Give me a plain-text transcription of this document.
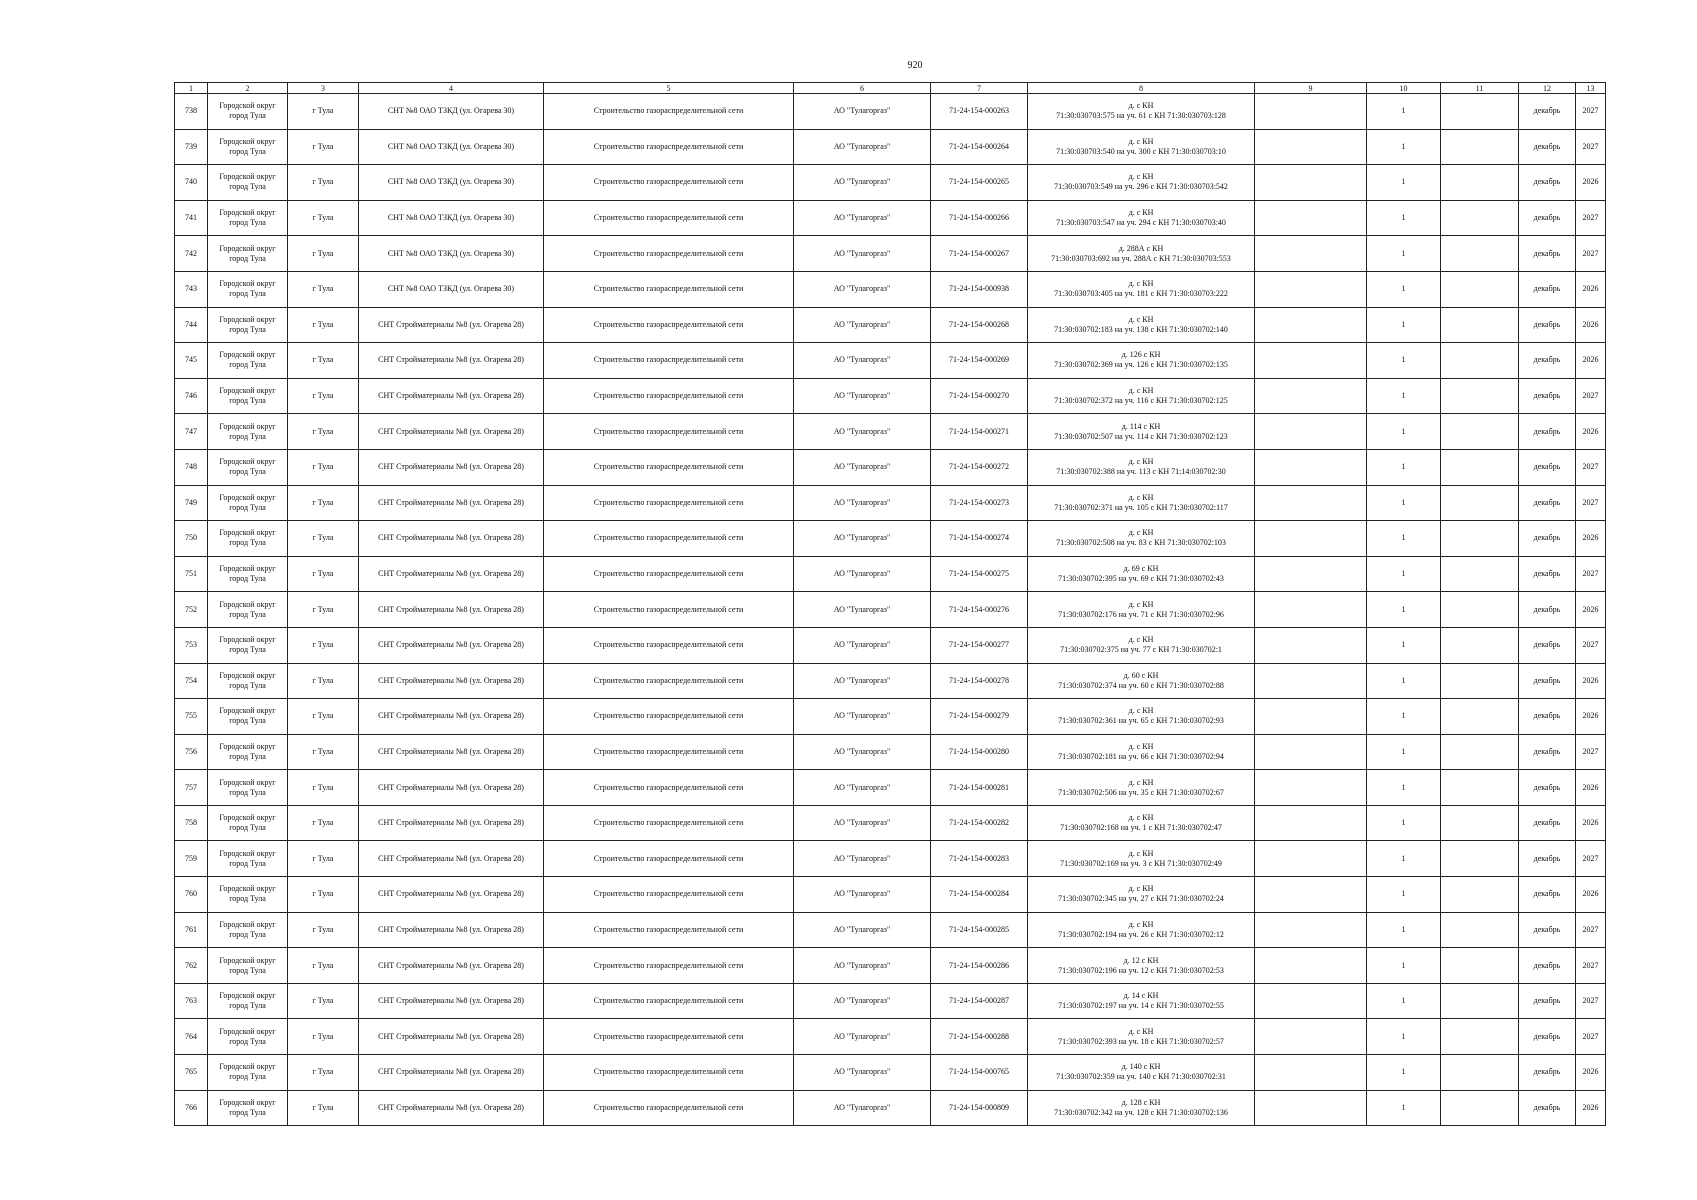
920
1	2	3	4	5	6	7	8	9	10	11	12	13
738	Городской округ город Тула	г Тула	СНТ №8 ОАО ТЗКД (ул. Огарева 30)	Строительство газораспределительной сети	АО "Тулагоргаз"	71-24-154-000263	д. с КН
71:30:030703:575 на уч. 61 с КН 71:30:030703:128		1		декабрь	2027
739	Городской округ город Тула	г Тула	СНТ №8 ОАО ТЗКД (ул. Огарева 30)	Строительство газораспределительной сети	АО "Тулагоргаз"	71-24-154-000264	д. с КН
71:30:030703:540 на уч. 300 с КН 71:30:030703:10		1		декабрь	2027
740	Городской округ город Тула	г Тула	СНТ №8 ОАО ТЗКД (ул. Огарева 30)	Строительство газораспределительной сети	АО "Тулагоргаз"	71-24-154-000265	д. с КН
71:30:030703:549 на уч. 296 с КН 71:30:030703:542		1		декабрь	2026
741	Городской округ город Тула	г Тула	СНТ №8 ОАО ТЗКД (ул. Огарева 30)	Строительство газораспределительной сети	АО "Тулагоргаз"	71-24-154-000266	д. с КН
71:30:030703:547 на уч. 294 с КН 71:30:030703:40		1		декабрь	2027
742	Городской округ город Тула	г Тула	СНТ №8 ОАО ТЗКД (ул. Огарева 30)	Строительство газораспределительной сети	АО "Тулагоргаз"	71-24-154-000267	д. 288А с КН
71:30:030703:692 на уч. 288А с КН 71:30:030703:553		1		декабрь	2027
743	Городской округ город Тула	г Тула	СНТ №8 ОАО ТЗКД (ул. Огарева 30)	Строительство газораспределительной сети	АО "Тулагоргаз"	71-24-154-000938	д. с КН
71:30:030703:405 на уч. 181 с КН 71:30:030703:222		1		декабрь	2026
744	Городской округ город Тула	г Тула	СНТ Стройматериалы №8 (ул. Огарева 28)	Строительство газораспределительной сети	АО "Тулагоргаз"	71-24-154-000268	д. с КН
71:30:030702:183 на уч. 138 с КН 71:30:030702:140		1		декабрь	2026
745	Городской округ город Тула	г Тула	СНТ Стройматериалы №8 (ул. Огарева 28)	Строительство газораспределительной сети	АО "Тулагоргаз"	71-24-154-000269	д. 126 с КН
71:30:030702:369 на уч. 126 с КН 71:30:030702:135		1		декабрь	2026
746	Городской округ город Тула	г Тула	СНТ Стройматериалы №8 (ул. Огарева 28)	Строительство газораспределительной сети	АО "Тулагоргаз"	71-24-154-000270	д. с КН
71:30:030702:372 на уч. 116 с КН 71:30:030702:125		1		декабрь	2027
747	Городской округ город Тула	г Тула	СНТ Стройматериалы №8 (ул. Огарева 28)	Строительство газораспределительной сети	АО "Тулагоргаз"	71-24-154-000271	д. 114 с КН
71:30:030702:507 на уч. 114 с КН 71:30:030702:123		1		декабрь	2026
748	Городской округ город Тула	г Тула	СНТ Стройматериалы №8 (ул. Огарева 28)	Строительство газораспределительной сети	АО "Тулагоргаз"	71-24-154-000272	д. с КН
71:30:030702:388 на уч. 113 с КН 71:14:030702:30		1		декабрь	2027
749	Городской округ город Тула	г Тула	СНТ Стройматериалы №8 (ул. Огарева 28)	Строительство газораспределительной сети	АО "Тулагоргаз"	71-24-154-000273	д. с КН
71:30:030702:371 на уч. 105 с КН 71:30:030702:117		1		декабрь	2027
750	Городской округ город Тула	г Тула	СНТ Стройматериалы №8 (ул. Огарева 28)	Строительство газораспределительной сети	АО "Тулагоргаз"	71-24-154-000274	д. с КН
71:30:030702:508 на уч. 83 с КН 71:30:030702:103		1		декабрь	2026
751	Городской округ город Тула	г Тула	СНТ Стройматериалы №8 (ул. Огарева 28)	Строительство газораспределительной сети	АО "Тулагоргаз"	71-24-154-000275	д. 69 с КН
71:30:030702:395 на уч. 69 с КН 71:30:030702:43		1		декабрь	2027
752	Городской округ город Тула	г Тула	СНТ Стройматериалы №8 (ул. Огарева 28)	Строительство газораспределительной сети	АО "Тулагоргаз"	71-24-154-000276	д. с КН
71:30:030702:176 на уч. 71 с КН 71:30:030702:96		1		декабрь	2026
753	Городской округ город Тула	г Тула	СНТ Стройматериалы №8 (ул. Огарева 28)	Строительство газораспределительной сети	АО "Тулагоргаз"	71-24-154-000277	д. с КН
71:30:030702:375 на уч. 77 с КН 71:30:030702:1		1		декабрь	2027
754	Городской округ город Тула	г Тула	СНТ Стройматериалы №8 (ул. Огарева 28)	Строительство газораспределительной сети	АО "Тулагоргаз"	71-24-154-000278	д. 60 с КН
71:30:030702:374 на уч. 60 с КН 71:30:030702:88		1		декабрь	2026
755	Городской округ город Тула	г Тула	СНТ Стройматериалы №8 (ул. Огарева 28)	Строительство газораспределительной сети	АО "Тулагоргаз"	71-24-154-000279	д. с КН
71:30:030702:361 на уч. 65 с КН 71:30:030702:93		1		декабрь	2026
756	Городской округ город Тула	г Тула	СНТ Стройматериалы №8 (ул. Огарева 28)	Строительство газораспределительной сети	АО "Тулагоргаз"	71-24-154-000280	д. с КН
71:30:030702:181 на уч. 66 с КН 71:30:030702:94		1		декабрь	2027
757	Городской округ город Тула	г Тула	СНТ Стройматериалы №8 (ул. Огарева 28)	Строительство газораспределительной сети	АО "Тулагоргаз"	71-24-154-000281	д. с КН
71:30:030702:506 на уч. 35 с КН 71:30:030702:67		1		декабрь	2026
758	Городской округ город Тула	г Тула	СНТ Стройматериалы №8 (ул. Огарева 28)	Строительство газораспределительной сети	АО "Тулагоргаз"	71-24-154-000282	д. с КН
71:30:030702:168 на уч. 1 с КН 71:30:030702:47		1		декабрь	2026
759	Городской округ город Тула	г Тула	СНТ Стройматериалы №8 (ул. Огарева 28)	Строительство газораспределительной сети	АО "Тулагоргаз"	71-24-154-000283	д. с КН
71:30:030702:169 на уч. 3 с КН 71:30:030702:49		1		декабрь	2027
760	Городской округ город Тула	г Тула	СНТ Стройматериалы №8 (ул. Огарева 28)	Строительство газораспределительной сети	АО "Тулагоргаз"	71-24-154-000284	д. с КН
71:30:030702:345 на уч. 27 с КН 71:30:030702:24		1		декабрь	2026
761	Городской округ город Тула	г Тула	СНТ Стройматериалы №8 (ул. Огарева 28)	Строительство газораспределительной сети	АО "Тулагоргаз"	71-24-154-000285	д. с КН
71:30:030702:194 на уч. 26 с КН 71:30:030702:12		1		декабрь	2027
762	Городской округ город Тула	г Тула	СНТ Стройматериалы №8 (ул. Огарева 28)	Строительство газораспределительной сети	АО "Тулагоргаз"	71-24-154-000286	д. 12 с КН
71:30:030702:196 на уч. 12 с КН 71:30:030702:53		1		декабрь	2027
763	Городской округ город Тула	г Тула	СНТ Стройматериалы №8 (ул. Огарева 28)	Строительство газораспределительной сети	АО "Тулагоргаз"	71-24-154-000287	д. 14 с КН
71:30:030702:197 на уч. 14 с КН 71:30:030702:55		1		декабрь	2027
764	Городской округ город Тула	г Тула	СНТ Стройматериалы №8 (ул. Огарева 28)	Строительство газораспределительной сети	АО "Тулагоргаз"	71-24-154-000288	д. с КН
71:30:030702:393 на уч. 18 с КН 71:30:030702:57		1		декабрь	2027
765	Городской округ город Тула	г Тула	СНТ Стройматериалы №8 (ул. Огарева 28)	Строительство газораспределительной сети	АО "Тулагоргаз"	71-24-154-000765	д. 140 с КН
71:30:030702:359 на уч. 140 с КН 71:30:030702:31		1		декабрь	2026
766	Городской округ город Тула	г Тула	СНТ Стройматериалы №8 (ул. Огарева 28)	Строительство газораспределительной сети	АО "Тулагоргаз"	71-24-154-000809	д. 128 с КН
71:30:030702:342 на уч. 128 с КН 71:30:030702:136		1		декабрь	2026
